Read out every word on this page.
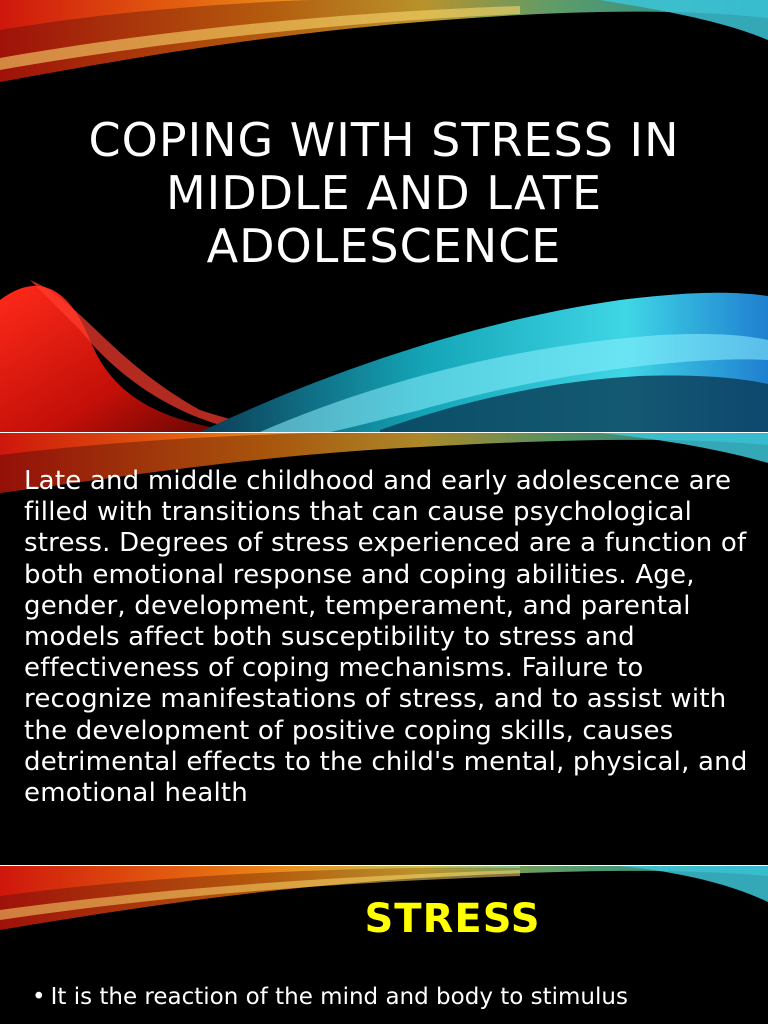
COPING WITH STRESS IN MIDDLE AND LATE ADOLESCENCE

Late and middle childhood and early adolescence are filled with transitions that can cause psychological stress. Degrees of stress experienced are a function of both emotional response and coping abilities. Age, gender, development, temperament, and parental models affect both susceptibility to stress and effectiveness of coping mechanisms. Failure to recognize manifestations of stress, and to assist with the development of positive coping skills, causes detrimental effects to the child's mental, physical, and emotional health

STRESS

• It is the reaction of the mind and body to stimulus
